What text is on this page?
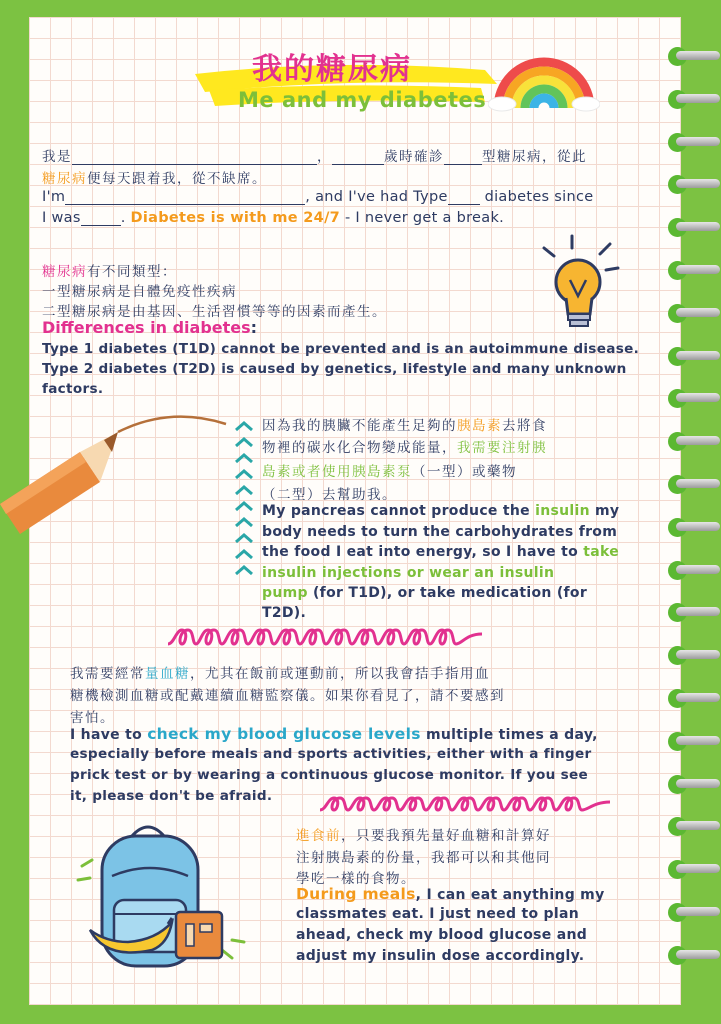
我的糖尿病

Me and my diabetes

我是	，	歲時確診	型糖尿病，從此
糖尿病便每天跟着我，從不缺席。
I'm	, and I've had Type	diabetes since
I was	. Diabetes is with me 24/7 - I never get a break.
糖尿病有不同類型：

一型糖尿病是自體免疫性疾病

二型糖尿病是由基因、生活習慣等等的因素而產生。

Differences in diabetes:

Type 1 diabetes (T1D) cannot be prevented and is an autoimmune disease.

Type 2 diabetes (T2D) is caused by genetics, lifestyle and many unknown

factors.

因為我的胰臟不能產生足夠的胰島素去將食
物裡的碳水化合物變成能量，我需要注射胰
島素或者使用胰島素泵（一型）或藥物

（二型）去幫助我。

My pancreas cannot produce the insulin my

body needs to turn the carbohydrates from

the food I eat into energy, so I have to take

insulin injections or wear an insulin

pump (for T1D), or take medication (for

T2D).

我需要經常量血糖，尤其在飯前或運動前，所以我會拮手指用血

糖機檢測血糖或配戴連續血糖監察儀。如果你看見了，請不要感到

害怕。

I have to check my blood glucose levels multiple times a day,

especially before meals and sports activities, either with a finger

prick test or by wearing a continuous glucose monitor. If you see

it, please don't be afraid.

進食前，只要我預先量好血糖和計算好

注射胰島素的份量，我都可以和其他同

學吃一樣的食物。

During meals, I can eat anything my

classmates eat. I just need to plan

ahead, check my blood glucose and

adjust my insulin dose accordingly.
